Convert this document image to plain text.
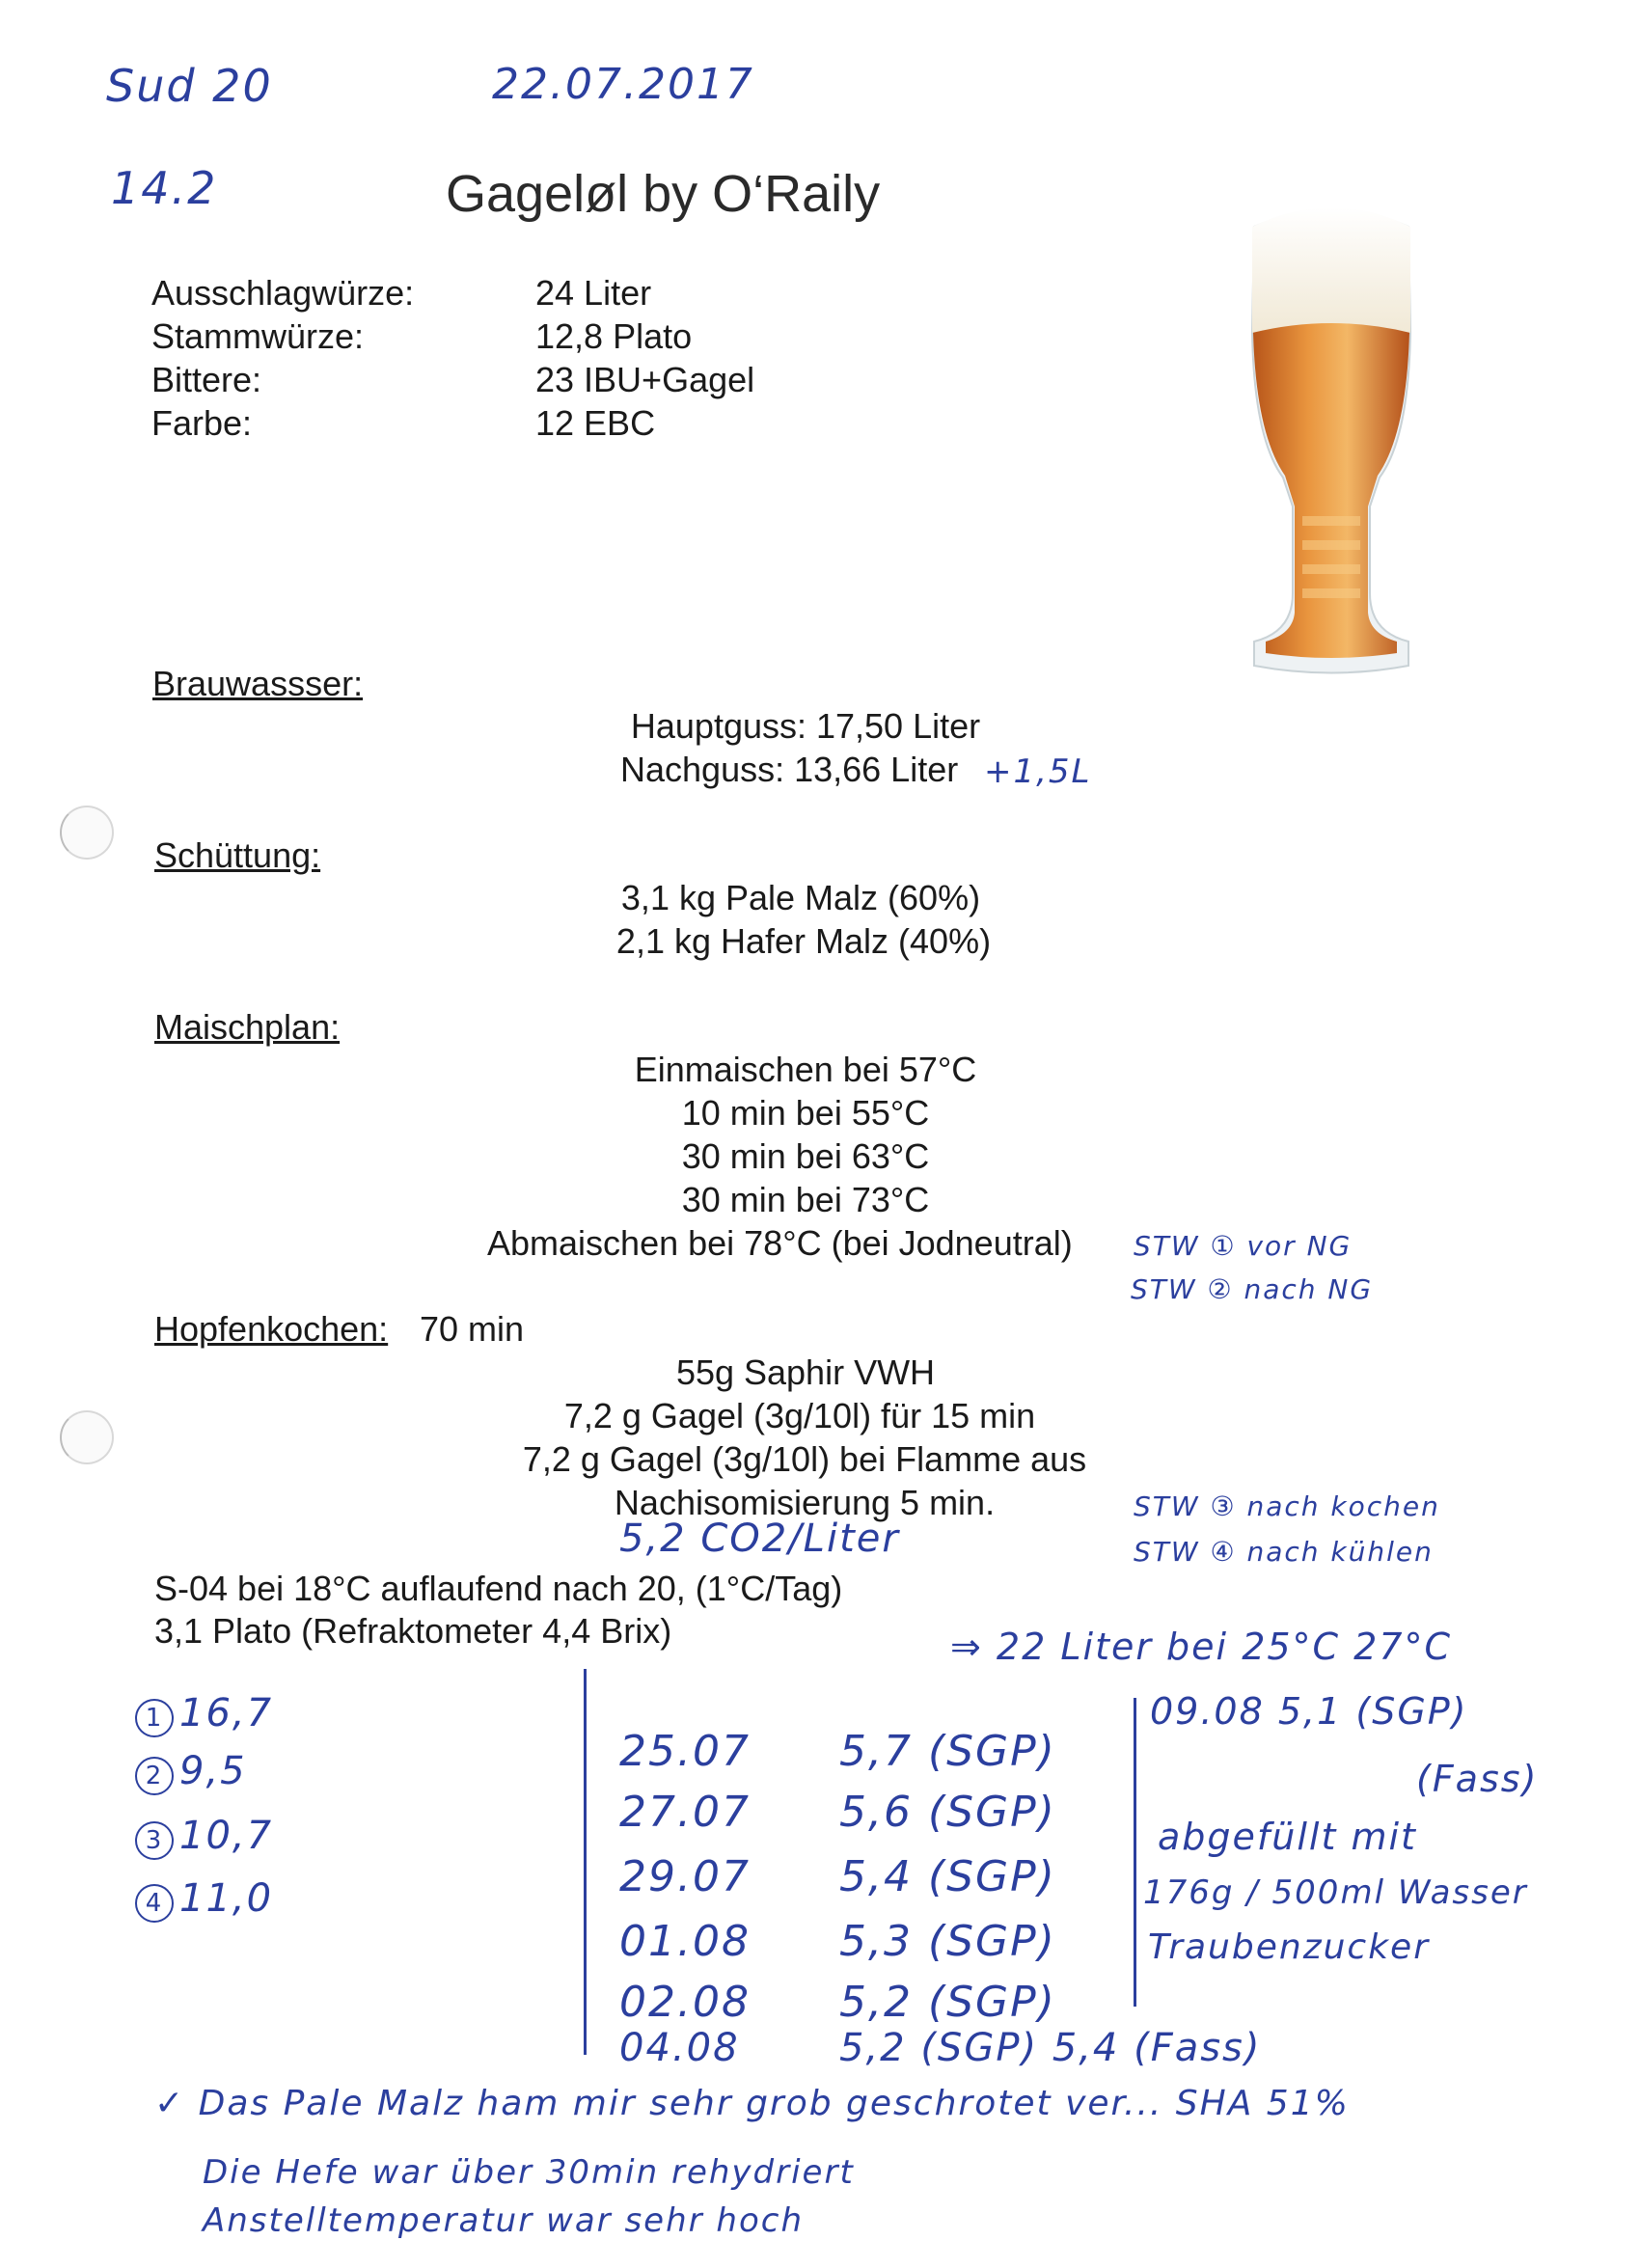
Sud 20	22.07.2017
14.2	Gageløl by O‘Raily
Ausschlagwürze:	24 Liter
Stammwürze:	12,8 Plato
Bittere:	23 IBU+Gagel
Farbe:	12 EBC
Brauwassser:
Hauptguss: 17,50 Liter
Nachguss: 13,66 Liter +1,5L
Schüttung:
3,1 kg Pale Malz (60%)
2,1 kg Hafer Malz (40%)
Maischplan:
Einmaischen bei 57°C
10 min bei 55°C
30 min bei 63°C
30 min bei 73°C
Abmaischen bei 78°C (bei Jodneutral) STW ① vor NG
STW ② nach NG
Hopfenkochen: 70 min
55g Saphir VWH
7,2 g Gagel (3g/10l) für 15 min
7,2 g Gagel (3g/10l) bei Flamme aus
Nachisomisierung 5 min.
5,2 CO2/Liter
STW ③ nach kochen
STW ④ nach kühlen
S-04 bei 18°C auflaufend nach 20, (1°C/Tag)
3,1 Plato (Refraktometer 4,4 Brix)	⇒ 22 Liter bei 25°C 27°C
1 16,7
2 9,5
3 10,7
4 11,0
25.07 5,7 (SGP)
27.07 5,6 (SGP)
29.07 5,4 (SGP)
01.08 5,3 (SGP)
02.08 5,2 (SGP)
04.08	5,2 (SGP) 5,4 (Fass)
09.08 5,1 (SGP)
(Fass)
abgefüllt mit
176g / 500ml Wasser
Traubenzucker
✓ Das Pale Malz ham mir sehr grob geschrotet ver... SHA 51%
Die Hefe war über 30min rehydriert
Anstelltemperatur war sehr hoch
